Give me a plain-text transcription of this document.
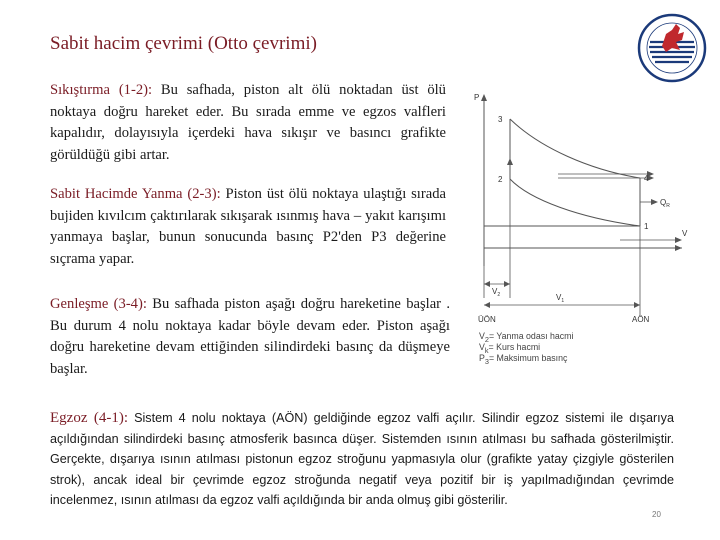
Sabit hacim çevrimi (Otto çevrimi)
Sıkıştırma (1-2): Bu safhada, piston alt ölü noktadan üst ölü noktaya doğru hareket eder. Bu sırada emme ve egzos valfleri kapalıdır, dolayısıyla içerdeki hava sıkışır ve basıncı grafikte görüldüğü gibi artar.
Sabit Hacimde Yanma (2-3): Piston üst ölü noktaya ulaştığı sırada bujiden kıvılcım çaktırılarak sıkışarak ısınmış hava – yakıt karışımı yanmaya başlar, bunun sonucunda basınç P2'den P3 değerine sıçrama yapar.
Genleşme (3-4): Bu safhada piston aşağı doğru hareketine başlar . Bu durum 4 nolu noktaya kadar böyle devam eder. Piston aşağı doğru hareketine devam ettiğinden silindirdeki basınç da düşmeye başlar.
Egzoz (4-1): Sistem 4 nolu noktaya (AÖN) geldiğinde egzoz valfi açılır. Silindir egzoz sistemi ile dışarıya açıldığından silindirdeki basınç atmosferik basınca düşer. Sistemden ısının atılması bu safhada gösterilmiştir. Gerçekte, dışarıya ısının atılması pistonun egzoz stroğunu yapmasıyla olur (grafikte yatay çizgiyle gösterilen strok), ancak ideal bir çevrimde egzoz stroğunda negatif veya pozitif bir iş yapılmadığından çevrimde incelenmez, ısının atılması da egzoz valfi açıldığında bir anda olmuş gibi gösterilir.
20
P
V
3
2	4
1
$Q_R$
$V_2$	$V_1$
ÜÖN	AÖN
$V_2=$ Yanma odası hacmi
$V_k=$ Kurs hacmi
$P_3=$ Maksimum basınç
